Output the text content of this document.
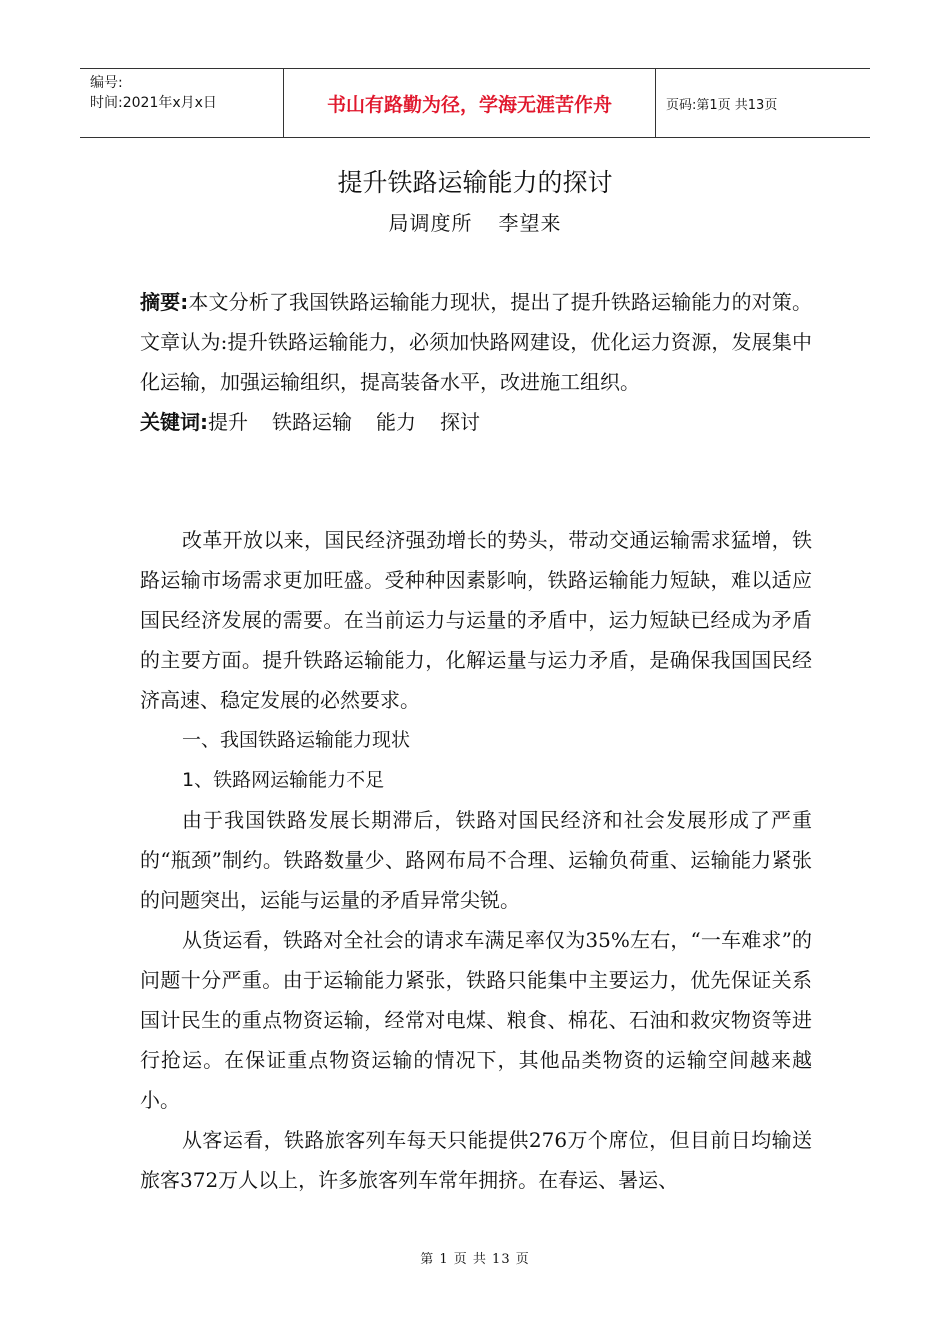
编号:
时间:2021年x月x日	书山有路勤为径，学海无涯苦作舟	页码:第1页 共13页
提升铁路运输能力的探讨
局调度所 李望来

摘要:本文分析了我国铁路运输能力现状，提出了提升铁路运输能力的对策。文章认为:提升铁路运输能力，必须加快路网建设，优化运力资源，发展集中化运输，加强运输组织，提高装备水平，改进施工组织。

关键词:提升 铁路运输 能力 探讨

改革开放以来，国民经济强劲增长的势头，带动交通运输需求猛增，铁路运输市场需求更加旺盛。受种种因素影响，铁路运输能力短缺，难以适应国民经济发展的需要。在当前运力与运量的矛盾中，运力短缺已经成为矛盾的主要方面。提升铁路运输能力，化解运量与运力矛盾，是确保我国国民经济高速、稳定发展的必然要求。

一、我国铁路运输能力现状

1、铁路网运输能力不足

由于我国铁路发展长期滞后，铁路对国民经济和社会发展形成了严重的“瓶颈”制约。铁路数量少、路网布局不合理、运输负荷重、运输能力紧张的问题突出，运能与运量的矛盾异常尖锐。

从货运看，铁路对全社会的请求车满足率仅为35%左右，“一车难求”的问题十分严重。由于运输能力紧张，铁路只能集中主要运力，优先保证关系国计民生的重点物资运输，经常对电煤、粮食、棉花、石油和救灾物资等进行抢运。在保证重点物资运输的情况下，其他品类物资的运输空间越来越小。

从客运看，铁路旅客列车每天只能提供276万个席位，但目前日均输送旅客372万人以上，许多旅客列车常年拥挤。在春运、暑运、

第 1 页 共 13 页
